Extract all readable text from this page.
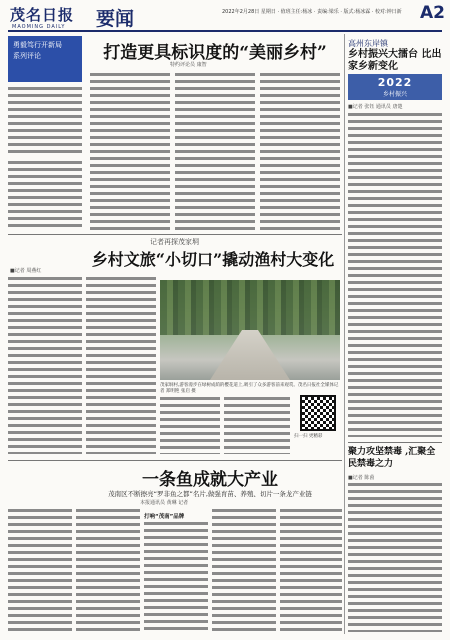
茂名日报
MAOMING DAILY 要闻	2022年2月28日 星期日 · 值班主任:杨冰 · 责编:梁乐 · 版式:杨冰霖 · 校对:钟日新 A2
勇毅笃行开新局
系列评论	打造更具标识度的“美丽乡村”
特约评论员 康智
高州东岸镇
乡村振兴大擂台 比出家乡新变化
2022
乡村振兴
■记者 张钰 通讯员 唐楚
记者再探茂家垌
乡村文旅“小切口”撬动渔村大变化
■记者 周燕红
茂家垌村,游客漫步在绿树成荫的樱花道上,吸引了众多游客前来观赏。茂名日报社全媒体记者 郑明艳 张启 摄
扫一扫 更精彩
聚力攻坚禁毒 ,汇聚全民禁毒之力
■记者 陈茵
一条鱼成就大产业
茂南区不断擦亮“罗非鱼之都”名片,做强育苗、养殖、切片一条龙产业链
本报通讯员 黄琳 记者
打响“茂南”品牌
